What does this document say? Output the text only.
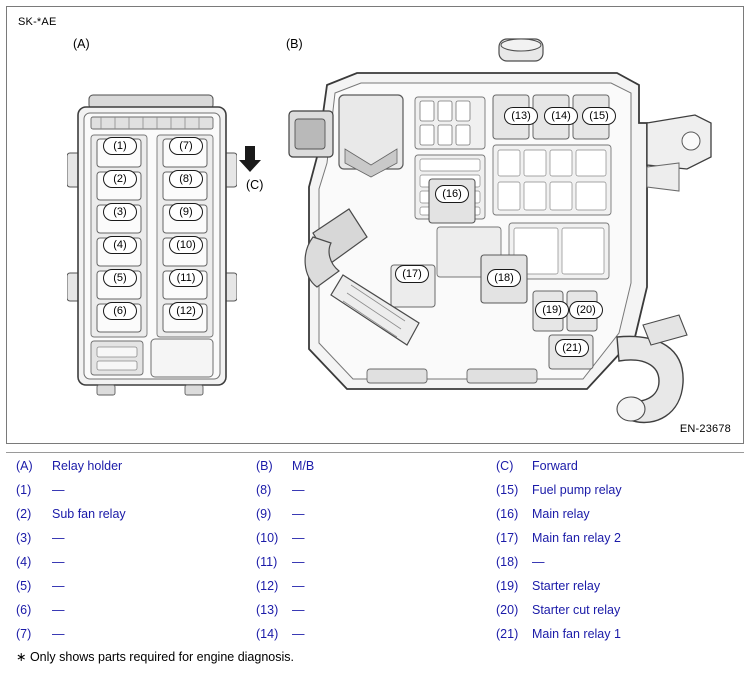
SK-*AE
EN-23678
(A)	(B)
(C)
(1)
(2)
(3)
(4)
(5)
(6)
(7)
(8)
(9)
(10)
(11)
(12)
(13)	(14)	(15)
(16)
(17)	(18)
(19)	(20)
(21)
(A)	Relay holder	(B)	M/B	(C)	Forward
(1)	—	(8)	—	(15)	Fuel pump relay
(2)	Sub fan relay	(9)	—	(16)	Main relay
(3)	—	(10)	—	(17)	Main fan relay 2
(4)	—	(11)	—	(18)	—
(5)	—	(12)	—	(19)	Starter relay
(6)	—	(13)	—	(20)	Starter cut relay
(7)	—	(14)	—	(21)	Main fan relay 1
∗ Only shows parts required for engine diagnosis.
